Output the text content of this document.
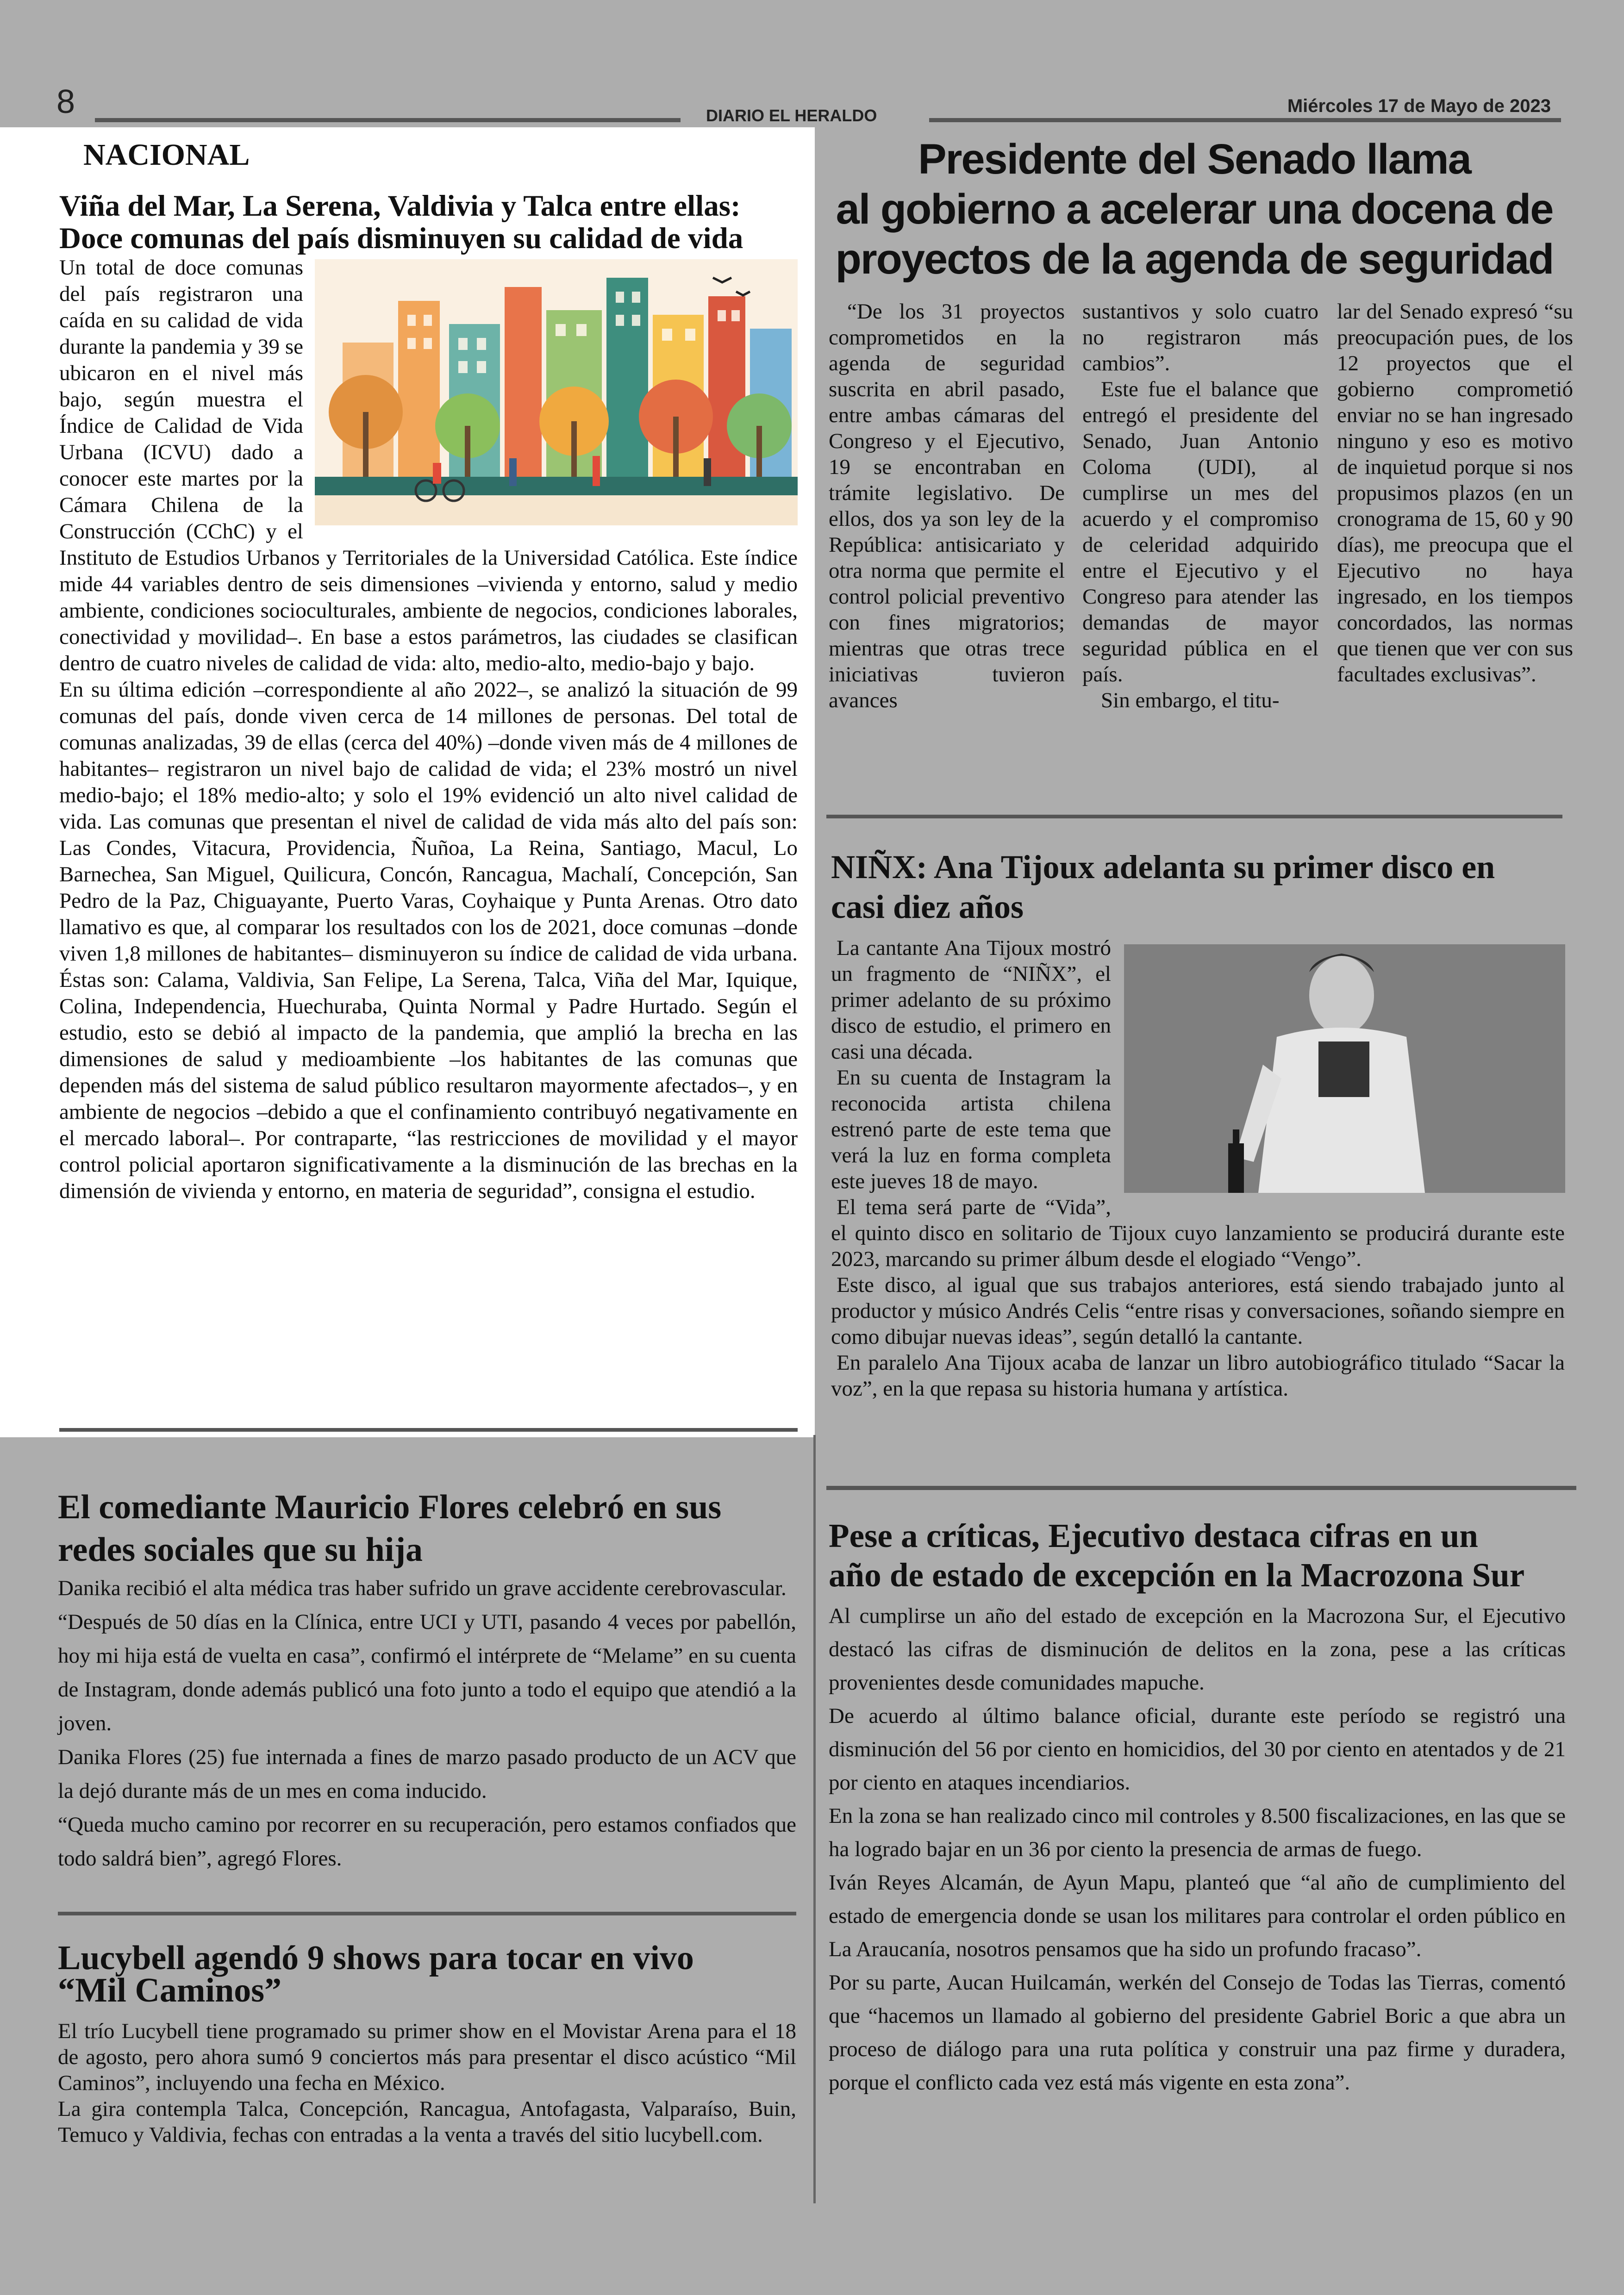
8	DIARIO EL HERALDO	Miércoles 17 de Mayo de 2023
NACIONAL
Viña del Mar, La Serena, Valdivia y Talca entre ellas:
Doce comunas del país disminuyen su calidad de vida

Un total de doce comunas del país registraron una caída en su calidad de vida durante la pandemia y 39 se ubicaron en el nivel más bajo, según muestra el Índice de Calidad de Vida Urbana (ICVU) dado a conocer este martes por la Cámara Chilena de la Construcción (CChC) y el Instituto de Estudios Urbanos y Territoriales de la Universidad Católica. Este índice mide 44 variables dentro de seis dimensiones –vivienda y entorno, salud y medio ambiente, condiciones socioculturales, ambiente de negocios, condiciones laborales, conectividad y movilidad–. En base a estos parámetros, las ciudades se clasifican dentro de cuatro niveles de calidad de vida: alto, medio-alto, medio-bajo y bajo.

En su última edición –correspondiente al año 2022–, se analizó la situación de 99 comunas del país, donde viven cerca de 14 millones de personas. Del total de comunas analizadas, 39 de ellas (cerca del 40%) –donde viven más de 4 millones de habitantes– registraron un nivel bajo de calidad de vida; el 23% mostró un nivel medio-bajo; el 18% medio-alto; y solo el 19% evidenció un alto nivel calidad de vida. Las comunas que presentan el nivel de calidad de vida más alto del país son: Las Condes, Vitacura, Providencia, Ñuñoa, La Reina, Santiago, Macul, Lo Barnechea, San Miguel, Quilicura, Concón, Rancagua, Machalí, Concepción, San Pedro de la Paz, Chiguayante, Puerto Varas, Coyhaique y Punta Arenas. Otro dato llamativo es que, al comparar los resultados con los de 2021, doce comunas –donde viven 1,8 millones de habitantes– disminuyeron su índice de calidad de vida urbana. Éstas son: Calama, Valdivia, San Felipe, La Serena, Talca, Viña del Mar, Iquique, Colina, Independencia, Huechuraba, Quinta Normal y Padre Hurtado. Según el estudio, esto se debió al impacto de la pandemia, que amplió la brecha en las dimensiones de salud y medioambiente –los habitantes de las comunas que dependen más del sistema de salud público resultaron mayormente afectados–, y en ambiente de negocios –debido a que el confinamiento contribuyó negativamente en el mercado laboral–. Por contraparte, “las restricciones de movilidad y el mayor control policial aportaron significativamente a la disminución de las brechas en la dimensión de vivienda y entorno, en materia de seguridad”, consigna el estudio.

Presidente del Senado llama
al gobierno a acelerar una docena de
proyectos de la agenda de seguridad

“De los 31 proyectos comprometidos en la agenda de seguridad suscrita en abril pasado, entre ambas cámaras del Congreso y el Ejecutivo, 19 se encontraban en trámite legislativo. De ellos, dos ya son ley de la República: antisicariato y otra norma que permite el control policial preventivo con fines migratorios; mientras que otras trece iniciativas tuvieron avances

sustantivos y solo cuatro no registraron más cambios”.

Este fue el balance que entregó el presidente del Senado, Juan Antonio Coloma (UDI), al cumplirse un mes del acuerdo y el compromiso de celeridad adquirido entre el Ejecutivo y el Congreso para atender las demandas de mayor seguridad pública en el país.

Sin embargo, el titu-

lar del Senado expresó “su preocupación pues, de los 12 proyectos que el gobierno comprometió enviar no se han ingresado ninguno y eso es motivo de inquietud porque si nos propusimos plazos (en un cronograma de 15, 60 y 90 días), me preocupa que el Ejecutivo no haya ingresado, en los tiempos concordados, las normas que tienen que ver con sus facultades exclusivas”.

NIÑX: Ana Tijoux adelanta su primer disco en
casi diez años

La cantante Ana Tijoux mostró un fragmento de “NIÑX”, el primer adelanto de su próximo disco de estudio, el primero en casi una década.

En su cuenta de Instagram la reconocida artista chilena estrenó parte de este tema que verá la luz en forma completa este jueves 18 de mayo.

El tema será parte de “Vida”, el quinto disco en solitario de Tijoux cuyo lanzamiento se producirá durante este 2023, marcando su primer álbum desde el elogiado “Vengo”.

Este disco, al igual que sus trabajos anteriores, está siendo trabajado junto al productor y músico Andrés Celis “entre risas y conversaciones, soñando siempre en como dibujar nuevas ideas”, según detalló la cantante.

En paralelo Ana Tijoux acaba de lanzar un libro autobiográfico titulado “Sacar la voz”, en la que repasa su historia humana y artística.

El comediante Mauricio Flores celebró en sus
redes sociales que su hija

Danika recibió el alta médica tras haber sufrido un grave accidente cerebrovascular.

“Después de 50 días en la Clínica, entre UCI y UTI, pasando 4 veces por pabellón, hoy mi hija está de vuelta en casa”, confirmó el intérprete de “Melame” en su cuenta de Instagram, donde además publicó una foto junto a todo el equipo que atendió a la joven.

Danika Flores (25) fue internada a fines de marzo pasado producto de un ACV que la dejó durante más de un mes en coma inducido.

“Queda mucho camino por recorrer en su recuperación, pero estamos confiados que todo saldrá bien”, agregó Flores.

Lucybell agendó 9 shows para tocar en vivo
“Mil Caminos”

El trío Lucybell tiene programado su primer show en el Movistar Arena para el 18 de agosto, pero ahora sumó 9 conciertos más para presentar el disco acústico “Mil Caminos”, incluyendo una fecha en México.

La gira contempla Talca, Concepción, Rancagua, Antofagasta, Valparaíso, Buin, Temuco y Valdivia, fechas con entradas a la venta a través del sitio lucybell.com.

Pese a críticas, Ejecutivo destaca cifras en un
año de estado de excepción en la Macrozona Sur

Al cumplirse un año del estado de excepción en la Macrozona Sur, el Ejecutivo destacó las cifras de disminución de delitos en la zona, pese a las críticas provenientes desde comunidades mapuche.

De acuerdo al último balance oficial, durante este período se registró una disminución del 56 por ciento en homicidios, del 30 por ciento en atentados y de 21 por ciento en ataques incendiarios.

En la zona se han realizado cinco mil controles y 8.500 fiscalizaciones, en las que se ha logrado bajar en un 36 por ciento la presencia de armas de fuego.

Iván Reyes Alcamán, de Ayun Mapu, planteó que “al año de cumplimiento del estado de emergencia donde se usan los militares para controlar el orden público en La Araucanía, nosotros pensamos que ha sido un profundo fracaso”.

Por su parte, Aucan Huilcamán, werkén del Consejo de Todas las Tierras, comentó que “hacemos un llamado al gobierno del presidente Gabriel Boric a que abra un proceso de diálogo para una ruta política y construir una paz firme y duradera, porque el conflicto cada vez está más vigente en esta zona”.
